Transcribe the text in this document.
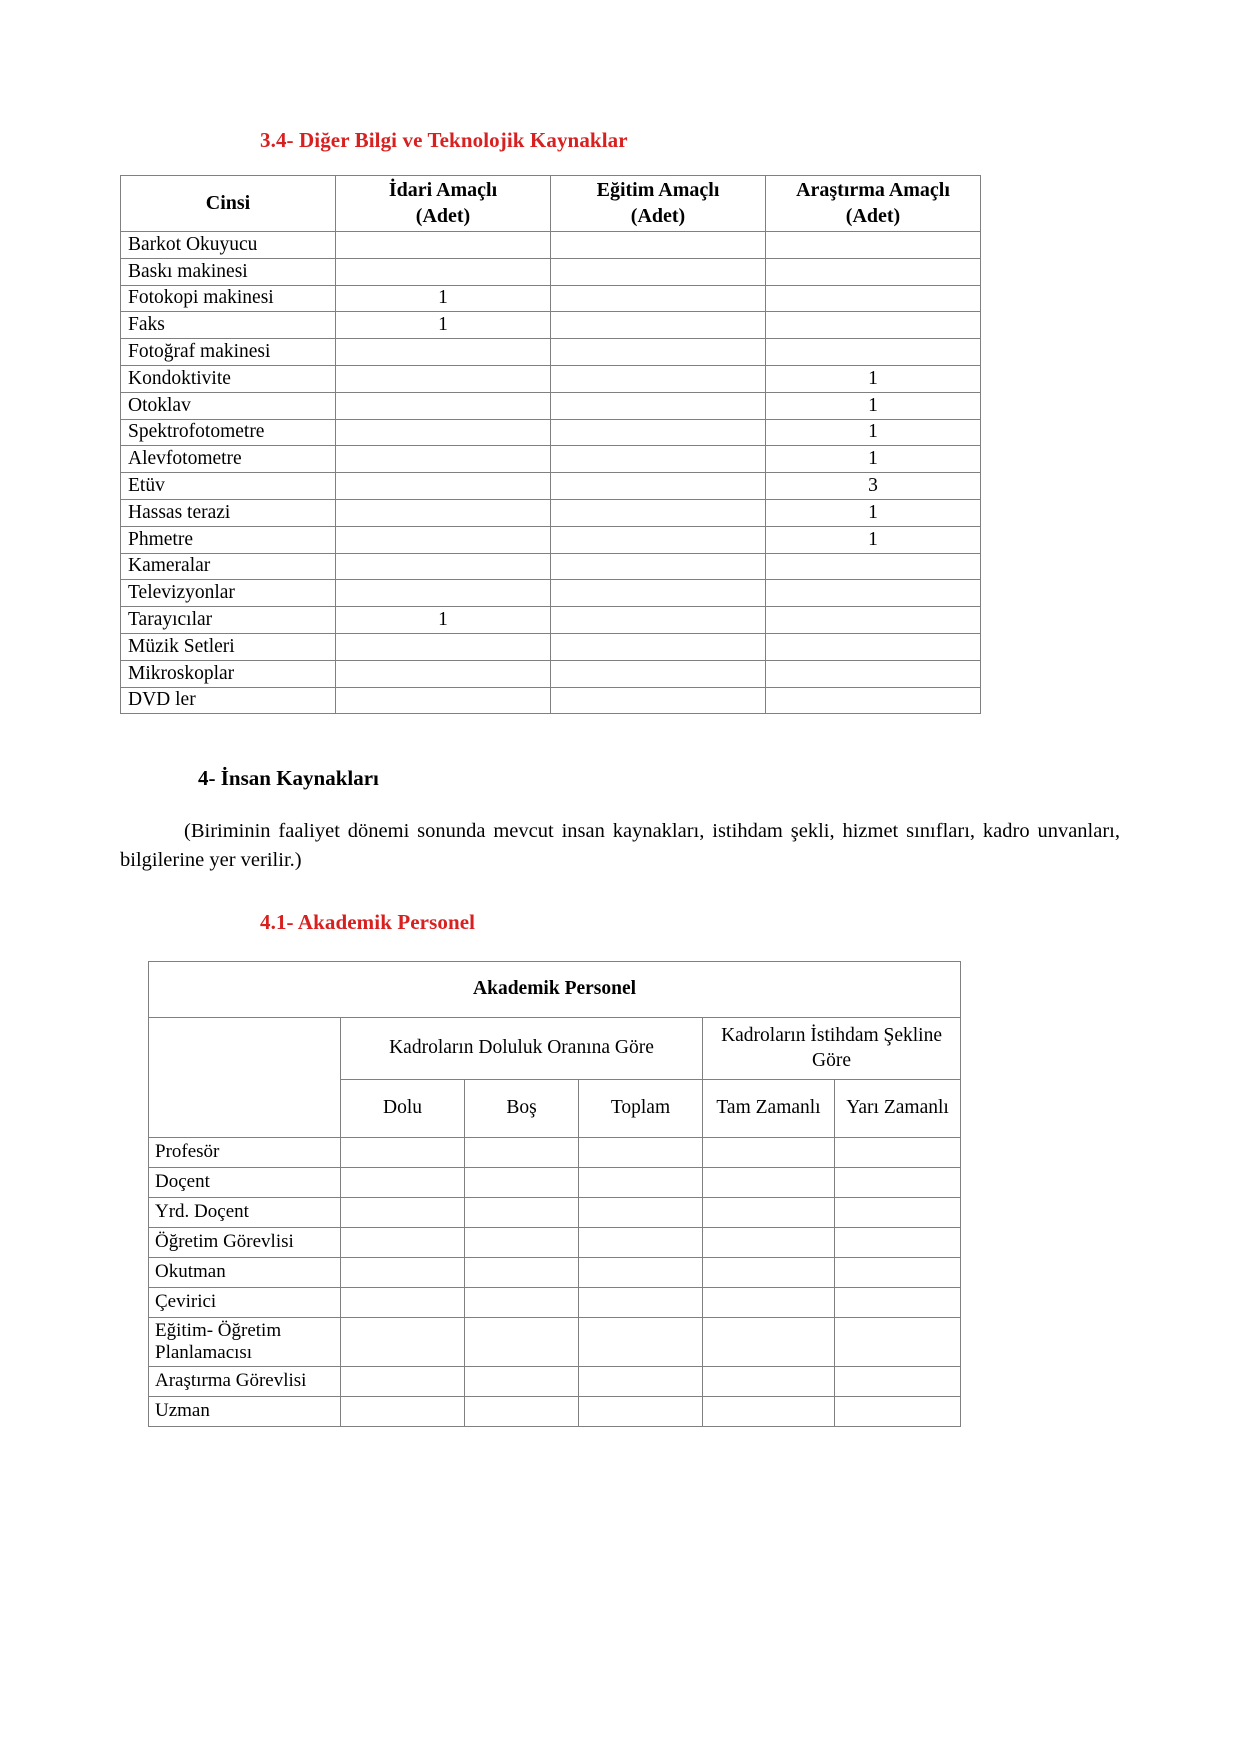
3.4- Diğer Bilgi ve Teknolojik Kaynaklar
Cinsi

İdari Amaçlı
(Adet)

Eğitim Amaçlı
(Adet)

Araştırma Amaçlı
(Adet)

Barkot Okuyucu			
Baskı makinesi			
Fotokopi makinesi	1		
Faks	1		
Fotoğraf makinesi			
Kondoktivite			1
Otoklav			1
Spektrofotometre			1
Alevfotometre			1
Etüv			3
Hassas terazi			1
Phmetre			1
Kameralar			
Televizyonlar			
Tarayıcılar	1		
Müzik Setleri			
Mikroskoplar			
DVD ler			
4- İnsan Kaynakları

(Biriminin faaliyet dönemi sonunda mevcut insan kaynakları, istihdam şekli, hizmet sınıfları, kadro unvanları, bilgilerine yer verilir.)

4.1- Akademik Personel
Akademik Personel					
	Kadroların Doluluk Oranına Göre			Kadroların İstihdam Şekline Göre	
	Dolu	Boş	Toplam	Tam Zamanlı	Yarı Zamanlı
Profesör					
Doçent					
Yrd. Doçent					
Öğretim Görevlisi					
Okutman					
Çevirici					
Eğitim- Öğretim Planlamacısı					
Araştırma Görevlisi					
Uzman					
